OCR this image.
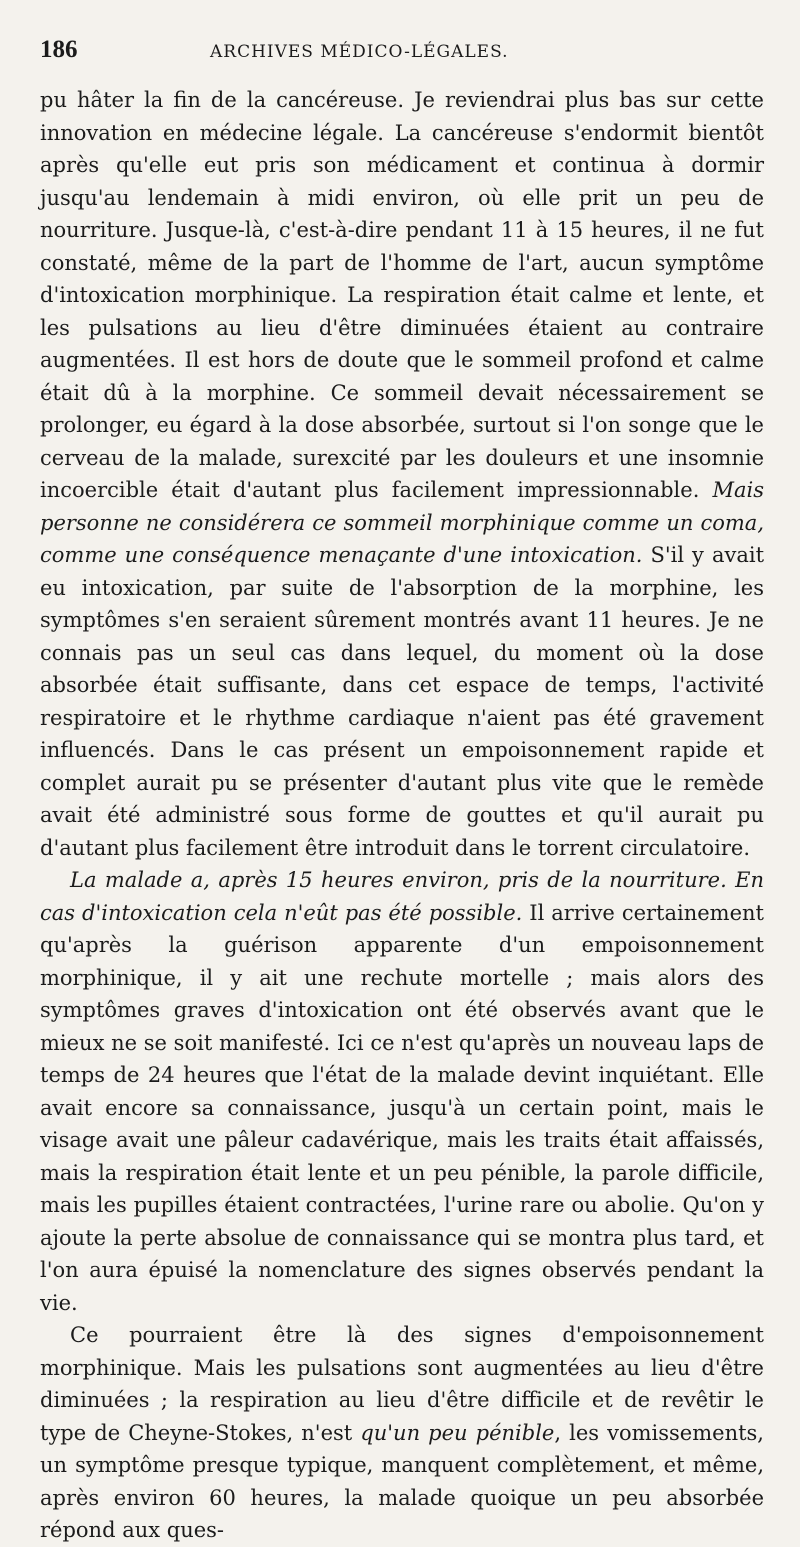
186	ARCHIVES MÉDICO-LÉGALES.

pu hâter la fin de la cancéreuse. Je reviendrai plus bas sur cette innovation en médecine légale. La cancéreuse s'endormit bientôt après qu'elle eut pris son médicament et continua à dormir jusqu'au lendemain à midi environ, où elle prit un peu de nourriture. Jusque-là, c'est-à-dire pendant 11 à 15 heures, il ne fut constaté, même de la part de l'homme de l'art, aucun symptôme d'intoxication morphinique. La respiration était calme et lente, et les pulsations au lieu d'être diminuées étaient au contraire augmentées. Il est hors de doute que le sommeil profond et calme était dû à la morphine. Ce sommeil devait nécessairement se prolonger, eu égard à la dose absorbée, surtout si l'on songe que le cerveau de la malade, surexcité par les douleurs et une insomnie incoercible était d'autant plus facilement impressionnable. Mais personne ne considérera ce sommeil morphinique comme un coma, comme une conséquence menaçante d'une intoxication. S'il y avait eu intoxication, par suite de l'absorption de la morphine, les symptômes s'en seraient sûrement montrés avant 11 heures. Je ne connais pas un seul cas dans lequel, du moment où la dose absorbée était suffisante, dans cet espace de temps, l'activité respiratoire et le rhythme cardiaque n'aient pas été gravement influencés. Dans le cas présent un empoisonnement rapide et complet aurait pu se présenter d'autant plus vite que le remède avait été administré sous forme de gouttes et qu'il aurait pu d'autant plus facilement être introduit dans le torrent circulatoire.

La malade a, après 15 heures environ, pris de la nourriture. En cas d'intoxication cela n'eût pas été possible. Il arrive certainement qu'après la guérison apparente d'un empoisonnement morphinique, il y ait une rechute mortelle ; mais alors des symptômes graves d'intoxication ont été observés avant que le mieux ne se soit manifesté. Ici ce n'est qu'après un nouveau laps de temps de 24 heures que l'état de la malade devint inquiétant. Elle avait encore sa connaissance, jusqu'à un certain point, mais le visage avait une pâleur cadavérique, mais les traits était affaissés, mais la respiration était lente et un peu pénible, la parole difficile, mais les pupilles étaient contractées, l'urine rare ou abolie. Qu'on y ajoute la perte absolue de connaissance qui se montra plus tard, et l'on aura épuisé la nomenclature des signes observés pendant la vie.

Ce pourraient être là des signes d'empoisonnement morphinique. Mais les pulsations sont augmentées au lieu d'être diminuées ; la respiration au lieu d'être difficile et de revêtir le type de Cheyne-Stokes, n'est qu'un peu pénible, les vomissements, un symptôme presque typique, manquent complètement, et même, après environ 60 heures, la malade quoique un peu absorbée répond aux ques-
